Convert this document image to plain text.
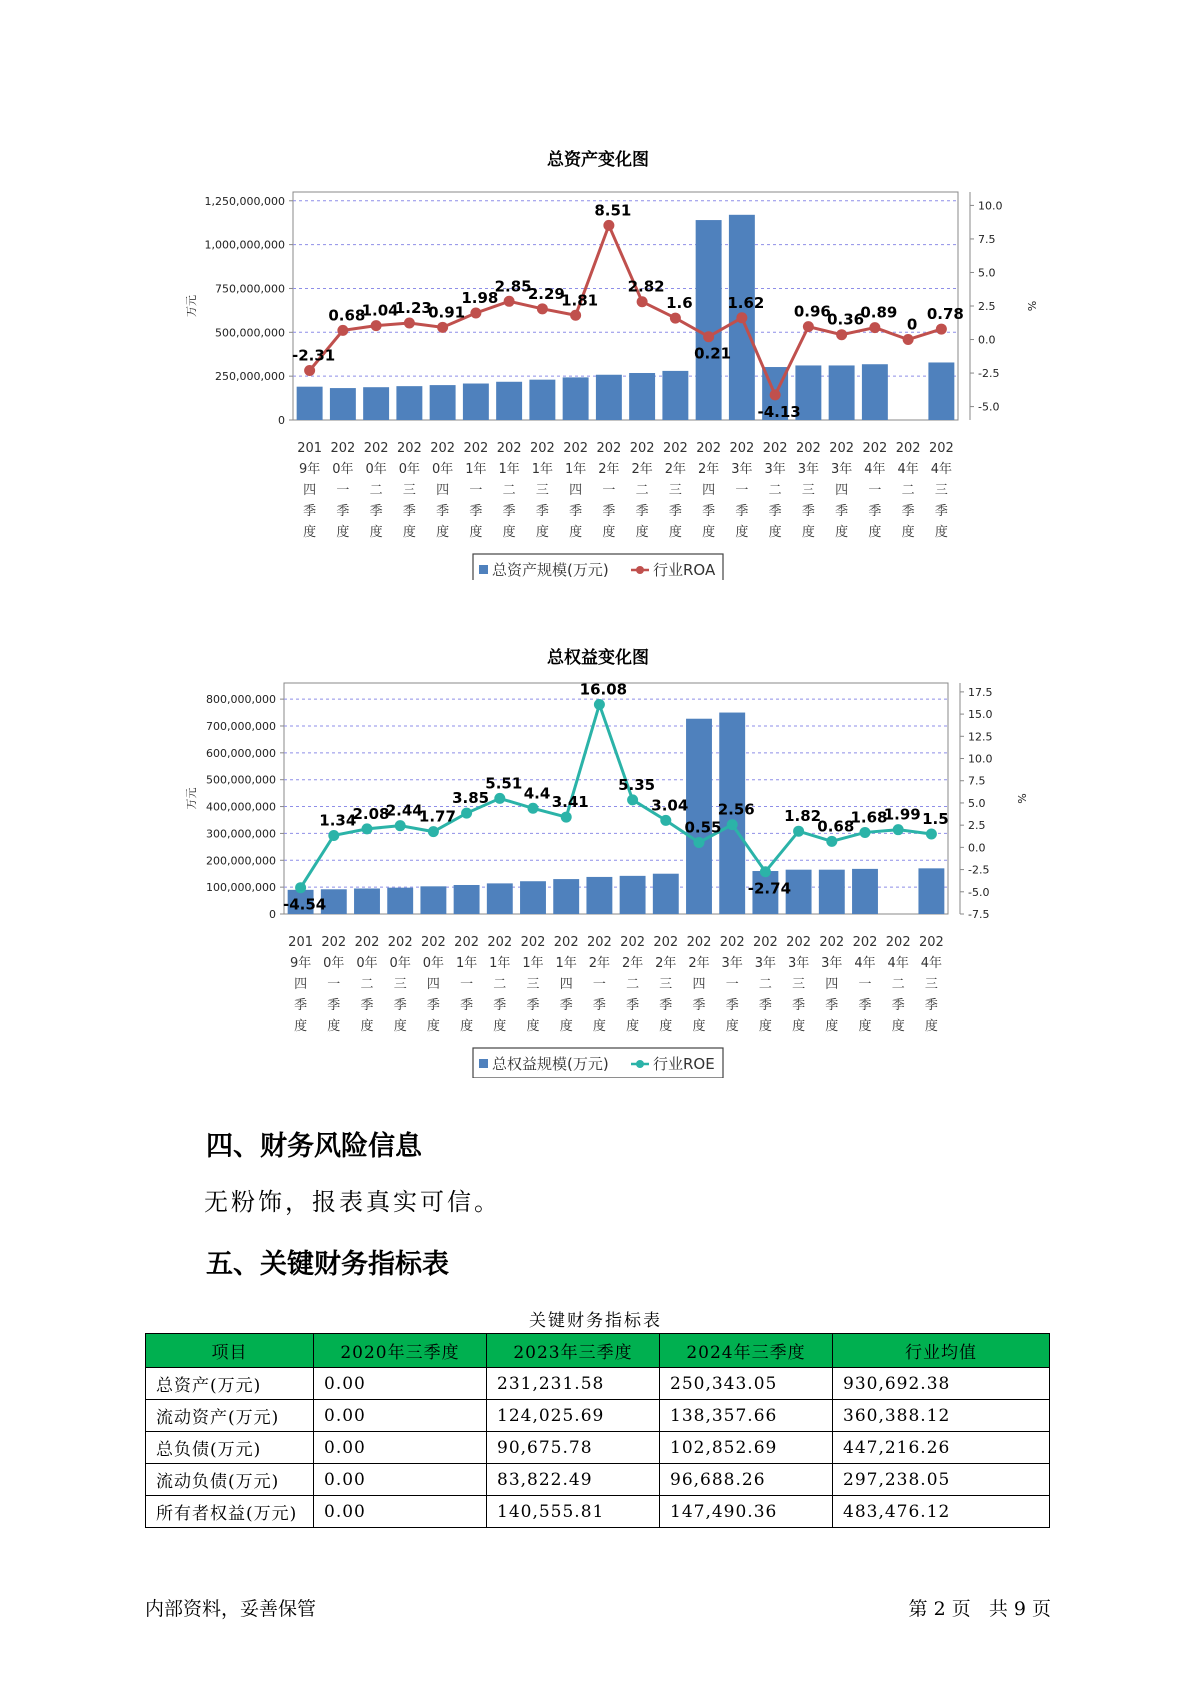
总资产变化图
0
250,000,000
500,000,000
750,000,000
1,000,000,000
1,250,000,000
-5.0
-2.5
0.0
2.5
5.0
7.5
10.0
万元	%
201
9年
四
季
度
202
0年
一
季
度
202
0年
二
季
度
202
0年
三
季
度
202
0年
四
季
度
202
1年
一
季
度
202
1年
二
季
度
202
1年
三
季
度
202
1年
四
季
度
202
2年
一
季
度
202
2年
二
季
度
202
2年
三
季
度
202
2年
四
季
度
202
3年
一
季
度
202
3年
二
季
度
202
3年
三
季
度
202
3年
四
季
度
202
4年
一
季
度
202
4年
二
季
度
202
4年
三
季
度
-2.31
0.68
1.04
1.23
0.91
1.98
2.85
2.29
1.81
8.51
2.82
1.6
0.21
1.62
-4.13
0.96
0.36
0.89
0
0.78
总资产规模(万元)	行业ROA
总权益变化图
0
100,000,000
200,000,000
300,000,000
400,000,000
500,000,000
600,000,000
700,000,000
800,000,000
-7.5
-5.0
-2.5
0.0
2.5
5.0
7.5
10.0
12.5
15.0
17.5
万元	%
201
9年
四
季
度
202
0年
一
季
度
202
0年
二
季
度
202
0年
三
季
度
202
0年
四
季
度
202
1年
一
季
度
202
1年
二
季
度
202
1年
三
季
度
202
1年
四
季
度
202
2年
一
季
度
202
2年
二
季
度
202
2年
三
季
度
202
2年
四
季
度
202
3年
一
季
度
202
3年
二
季
度
202
3年
三
季
度
202
3年
四
季
度
202
4年
一
季
度
202
4年
二
季
度
202
4年
三
季
度
-4.54
1.34
2.08
2.44
1.77
3.85
5.51
4.4 3.41
16.08
5.35
3.04
0.55
2.56
-2.74
1.82
0.68
1.68
1.99 1.5
总权益规模(万元)	行业ROE
四、财务风险信息
无粉饰，报表真实可信。
五、关键财务指标表
关键财务指标表
项目	2020年三季度	2023年三季度	2024年三季度	行业均值
总资产(万元)	0.00	231,231.58	250,343.05	930,692.38
流动资产(万元)	0.00	124,025.69	138,357.66	360,388.12
总负债(万元)	0.00	90,675.78	102,852.69	447,216.26
流动负债(万元)	0.00	83,822.49	96,688.26	297,238.05
所有者权益(万元)	0.00	140,555.81	147,490.36	483,476.12
内部资料，妥善保管	第 2 页   共 9 页
